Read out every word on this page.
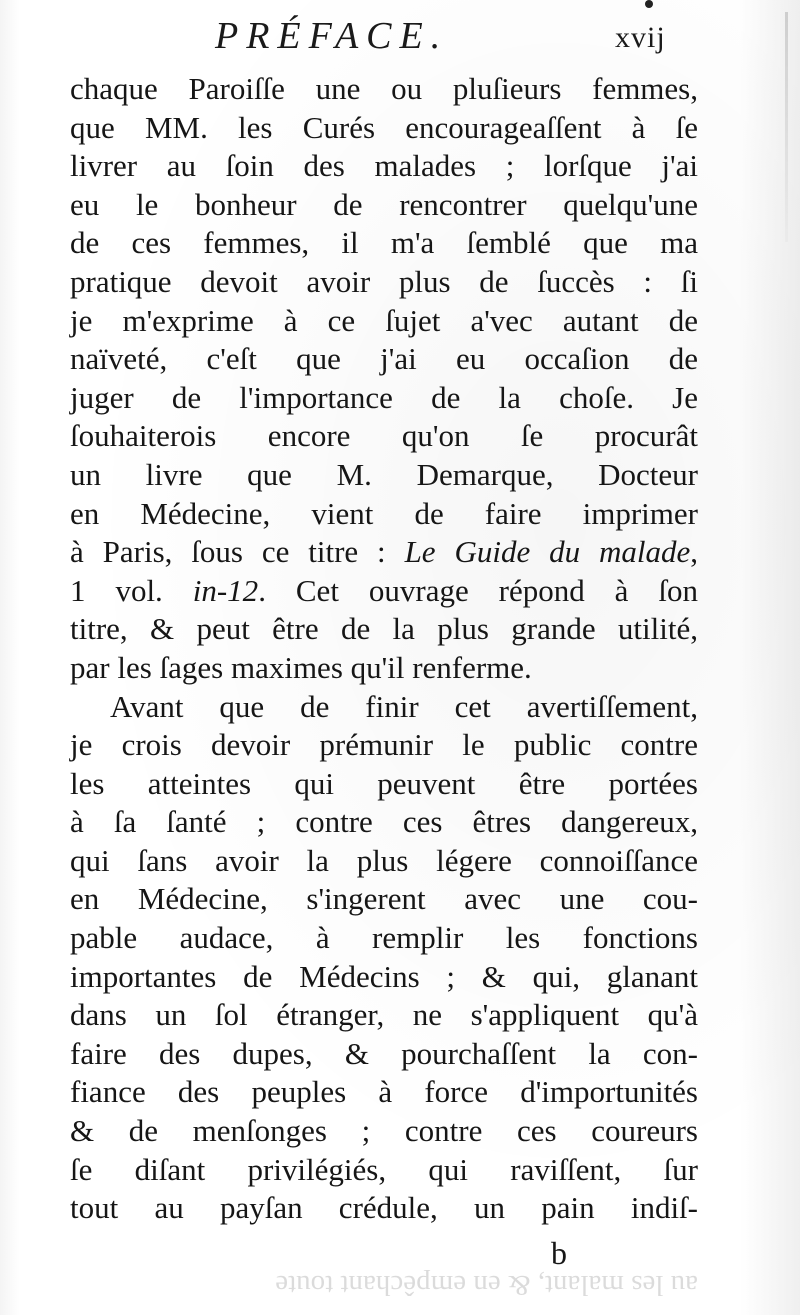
PRÉFACE.	xvij
chaque Paroiſſe une ou pluſieurs femmes,
que MM. les Curés encourageaſſent à ſe
livrer au ſoin des malades ; lorſque j'ai
eu le bonheur de rencontrer quelqu'une
de ces femmes, il m'a ſemblé que ma
pratique devoit avoir plus de ſuccès : ſi
je m'exprime à ce ſujet a'vec autant de
naïveté, c'eſt que j'ai eu occaſion de
juger de l'importance de la choſe. Je
ſouhaiterois encore qu'on ſe procurât
un livre que M. Demarque, Docteur
en Médecine, vient de faire imprimer
à Paris, ſous ce titre : Le Guide du malade,
1 vol. in-12. Cet ouvrage répond à ſon
titre, & peut être de la plus grande utilité,
par les ſages maximes qu'il renferme.
Avant que de finir cet avertiſſement,
je crois devoir prémunir le public contre
les atteintes qui peuvent être portées
à ſa ſanté ; contre ces êtres dangereux,
qui ſans avoir la plus légere connoiſſance
en Médecine, s'ingerent avec une cou-
pable audace, à remplir les fonctions
importantes de Médecins ; & qui, glanant
dans un ſol étranger, ne s'appliquent qu'à
faire des dupes, & pourchaſſent la con-
fiance des peuples à force d'importunités
& de menſonges ; contre ces coureurs
ſe diſant privilégiés, qui raviſſent, ſur
tout au payſan crédule, un pain indiſ-
b
au les malant, & en empêchant toute
